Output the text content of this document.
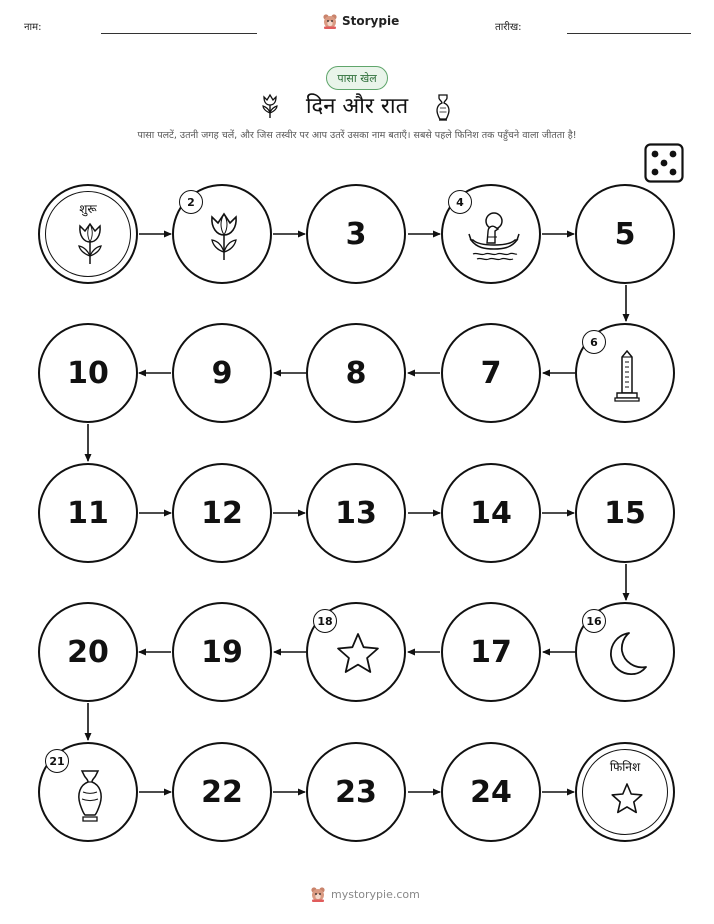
नाम:	Storypie	तारीख:
पासा खेल
दिन और रात
पासा पलटें, उतनी जगह चलें, और जिस तस्वीर पर आप उतरें उसका नाम बताएँ। सबसे पहले फिनिश तक पहुँचने वाला जीतता है!
शुरू	2
3
4
5
10	9	8	7
6
11	12	13	14	15
20	19
18
17
16
21
22	23	24
फिनिश
mystorypie.com
